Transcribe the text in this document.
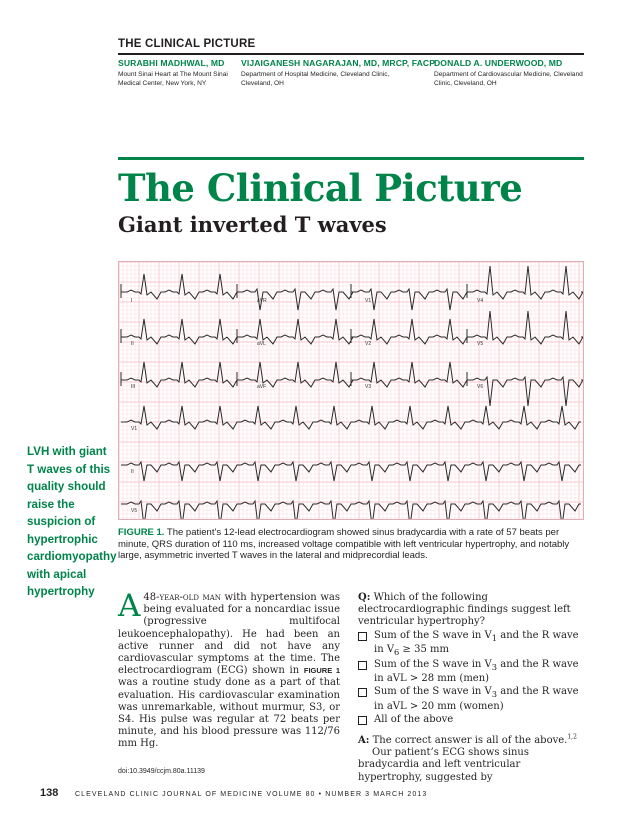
THE CLINICAL PICTURE
SURABHI MADHWAL, MD
Mount Sinai Heart at The Mount Sinai Medical Center, New York, NY
VIJAIGANESH NAGARAJAN, MD, MRCP, FACP
Department of Hospital Medicine, Cleveland Clinic, Cleveland, OH
DONALD A. UNDERWOOD, MD
Department of Cardiovascular Medicine, Cleveland Clinic, Cleveland, OH
The Clinical Picture
Giant inverted T waves
I	aVR	V1	V4
II	aVL	V2	V5
III	aVF	V3	V6
V1
II
V5
LVH with giant T waves of this quality should raise the suspicion of hypertrophic cardiomyopathy with apical hypertrophy
FIGURE 1. The patient’s 12-lead electrocardiogram showed sinus bradycardia with a rate of 57 beats per minute, QRS duration of 110 ms, increased voltage compatible with left ventricular hypertrophy, and notably large, asymmetric inverted T waves in the lateral and midprecordial leads.
A 48-year-old man with hypertension was being evaluated for a noncardiac issue (progressive multifocal leukoencephalopathy). He had been an active runner and did not have any cardiovascular symptoms at the time. The electrocardiogram (ECG) shown in FIGURE 1 was a routine study done as a part of that evaluation. His cardiovascular examination was unremarkable, without murmur, S3, or S4. His pulse was regular at 72 beats per minute, and his blood pressure was 112/76 mm Hg.
doi:10.3949/ccjm.80a.11139
Q: Which of the following electrocardiographic findings suggest left ventricular hypertrophy?
Sum of the S wave in $V_1$ and the R wave in $V_6 \ge 35$ mm
Sum of the S wave in $V_3$ and the R wave in aVL > 28 mm (men)
Sum of the S wave in $V_3$ and the R wave in aVL > 20 mm (women)
All of the above
A: The correct answer is all of the above.$^{1,2}$
Our patient’s ECG shows sinus bradycardia and left ventricular hypertrophy, suggested by
138 CLEVELAND CLINIC JOURNAL OF MEDICINE VOLUME 80 • NUMBER 3 MARCH 2013
